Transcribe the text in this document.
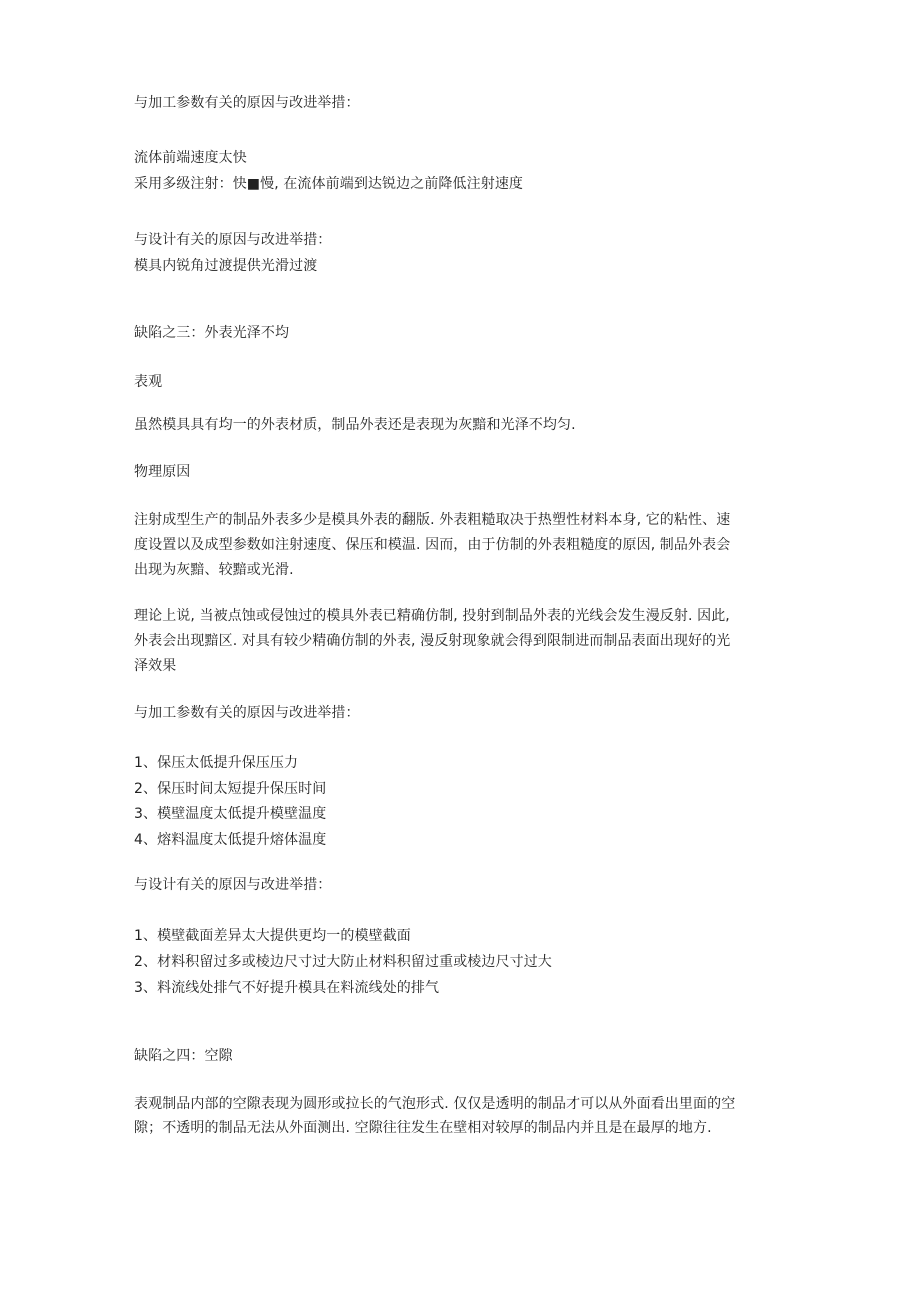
与加工参数有关的原因与改进举措：

流体前端速度太快

采用多级注射：快■慢, 在流体前端到达锐边之前降低注射速度

与设计有关的原因与改进举措：

模具内锐角过渡提供光滑过渡

缺陷之三：外表光泽不均

表观

虽然模具具有均一的外表材质，制品外表还是表现为灰黯和光泽不均匀.

物理原因

注射成型生产的制品外表多少是模具外表的翻版. 外表粗糙取决于热塑性材料本身, 它的粘性、速

度设置以及成型参数如注射速度、保压和模温. 因而，由于仿制的外表粗糙度的原因, 制品外表会

出现为灰黯、较黯或光滑.

理论上说, 当被点蚀或侵蚀过的模具外表已精确仿制, 投射到制品外表的光线会发生漫反射. 因此,

外表会出现黯区. 对具有较少精确仿制的外表, 漫反射现象就会得到限制进而制品表面出现好的光

泽效果

与加工参数有关的原因与改进举措：

1、保压太低提升保压压力

2、保压时间太短提升保压时间

3、模壁温度太低提升模壁温度

4、熔料温度太低提升熔体温度

与设计有关的原因与改进举措：

1、模壁截面差异太大提供更均一的模壁截面

2、材料积留过多或棱边尺寸过大防止材料积留过重或棱边尺寸过大

3、料流线处排气不好提升模具在料流线处的排气

缺陷之四：空隙

表观制品内部的空隙表现为圆形或拉长的气泡形式. 仅仅是透明的制品才可以从外面看出里面的空

隙；不透明的制品无法从外面测出. 空隙往往发生在壁相对较厚的制品内并且是在最厚的地方.
